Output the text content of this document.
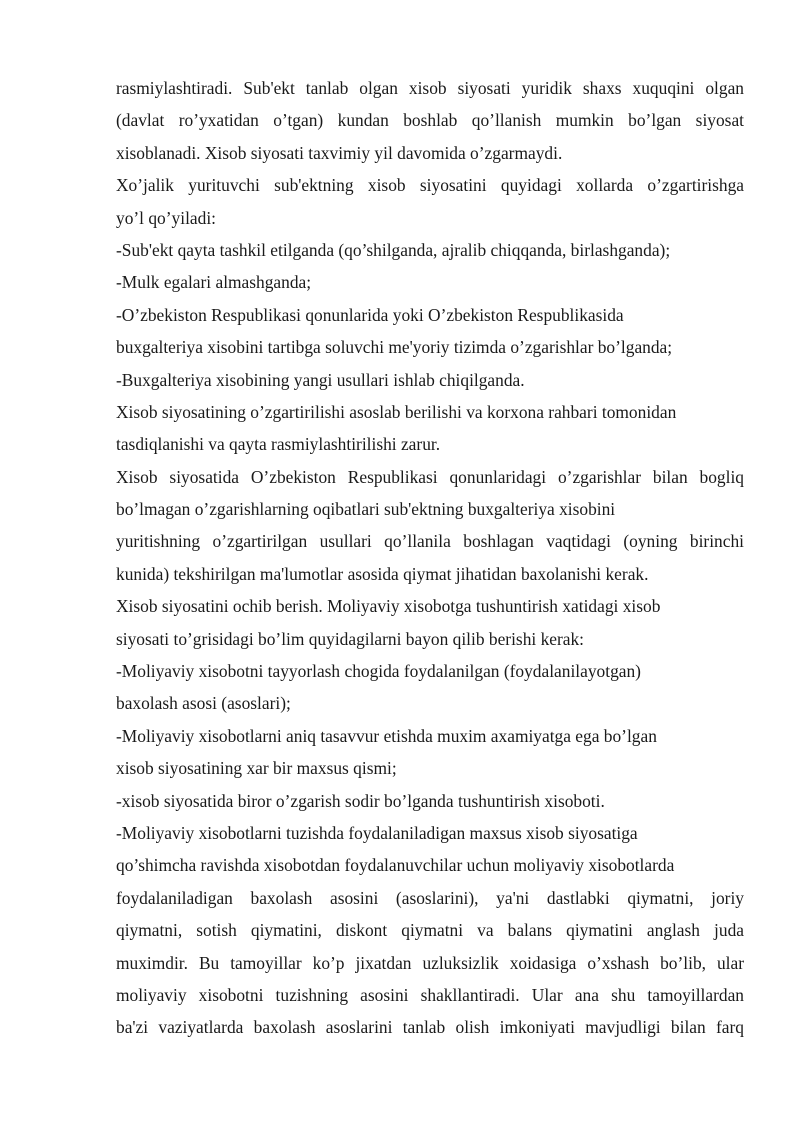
rasmiylashtiradi. Sub'ekt tanlab olgan xisob siyosati yuridik shaxs xuquqini olgan
(davlat ro’yxatidan o’tgan) kundan boshlab qo’llanish mumkin bo’lgan siyosat
xisoblanadi. Xisob siyosati taxvimiy yil davomida o’zgarmaydi.
Xo’jalik yurituvchi sub'ektning xisob siyosatini quyidagi xollarda o’zgartirishga
yo’l qo’yiladi:
-Sub'ekt qayta tashkil etilganda (qo’shilganda, ajralib chiqqanda, birlashganda);
-Mulk egalari almashganda;
-O’zbekiston Respublikasi qonunlarida yoki O’zbekiston Respublikasida
buxgalteriya xisobini tartibga soluvchi me'yoriy tizimda o’zgarishlar bo’lganda;
-Buxgalteriya xisobining yangi usullari ishlab chiqilganda.
Xisob siyosatining o’zgartirilishi asoslab berilishi va korxona rahbari tomonidan
tasdiqlanishi va qayta rasmiylashtirilishi zarur.
Xisob siyosatida O’zbekiston Respublikasi qonunlaridagi o’zgarishlar bilan bogliq
bo’lmagan o’zgarishlarning oqibatlari sub'ektning buxgalteriya xisobini
yuritishning o’zgartirilgan usullari qo’llanila boshlagan vaqtidagi (oyning birinchi
kunida) tekshirilgan ma'lumotlar asosida qiymat jihatidan baxolanishi kerak.
Xisob siyosatini ochib berish. Moliyaviy xisobotga tushuntirish xatidagi xisob
siyosati to’grisidagi bo’lim quyidagilarni bayon qilib berishi kerak:
-Moliyaviy xisobotni tayyorlash chogida foydalanilgan (foydalanilayotgan)
baxolash asosi (asoslari);
-Moliyaviy xisobotlarni aniq tasavvur etishda muxim axamiyatga ega bo’lgan
xisob siyosatining xar bir maxsus qismi;
-xisob siyosatida biror o’zgarish sodir bo’lganda tushuntirish xisoboti.
-Moliyaviy xisobotlarni tuzishda foydalaniladigan maxsus xisob siyosatiga
qo’shimcha ravishda xisobotdan foydalanuvchilar uchun moliyaviy xisobotlarda
foydalaniladigan baxolash asosini (asoslarini), ya'ni dastlabki qiymatni, joriy
qiymatni, sotish qiymatini, diskont qiymatni va balans qiymatini anglash juda
muximdir. Bu tamoyillar ko’p jixatdan uzluksizlik xoidasiga o’xshash bo’lib, ular
moliyaviy xisobotni tuzishning asosini shakllantiradi. Ular ana shu tamoyillardan
ba'zi vaziyatlarda baxolash asoslarini tanlab olish imkoniyati mavjudligi bilan farq
